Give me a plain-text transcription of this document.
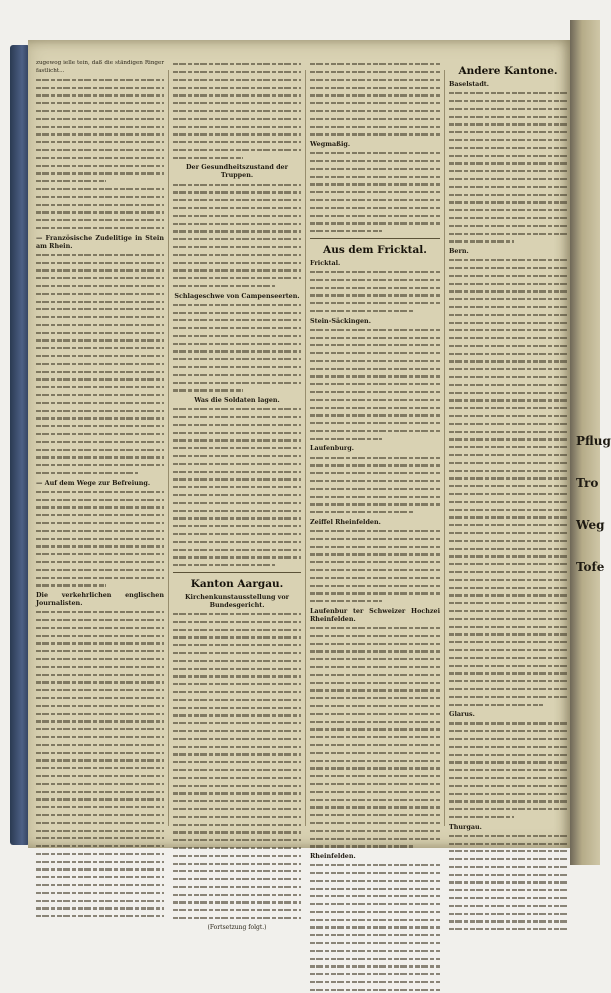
zugewog ielle tein, daß die ständigen Ringer fastlicht...
— Französische Zudelitige in Stein am Rhein.
— Auf dem Wege zur Befreiung.
Die verkehrlichen englischen Journalisten.
Der Gesundheitszustand der Truppen.
Schlageschwe von Campenseerten.
Was die Soldaten lagen.
Kanton Aargau.
Kirchenkunstausstellung vor Bundesgericht.
(Fortsetzung folgt.)
Wegmaßig.
Aus dem Fricktal.
Fricktal.
Stein-Säckingen.
Laufenburg.
Zeiffel Rheinfelden.
Laufenbur ter Schweizer Hochzei Rheinfelden.
Rheinfelden.
Andere Kantone.
Baselstadt.
Bern.
Glarus.
Thurgau.
Pflug
Tro
Weg
Tofe
